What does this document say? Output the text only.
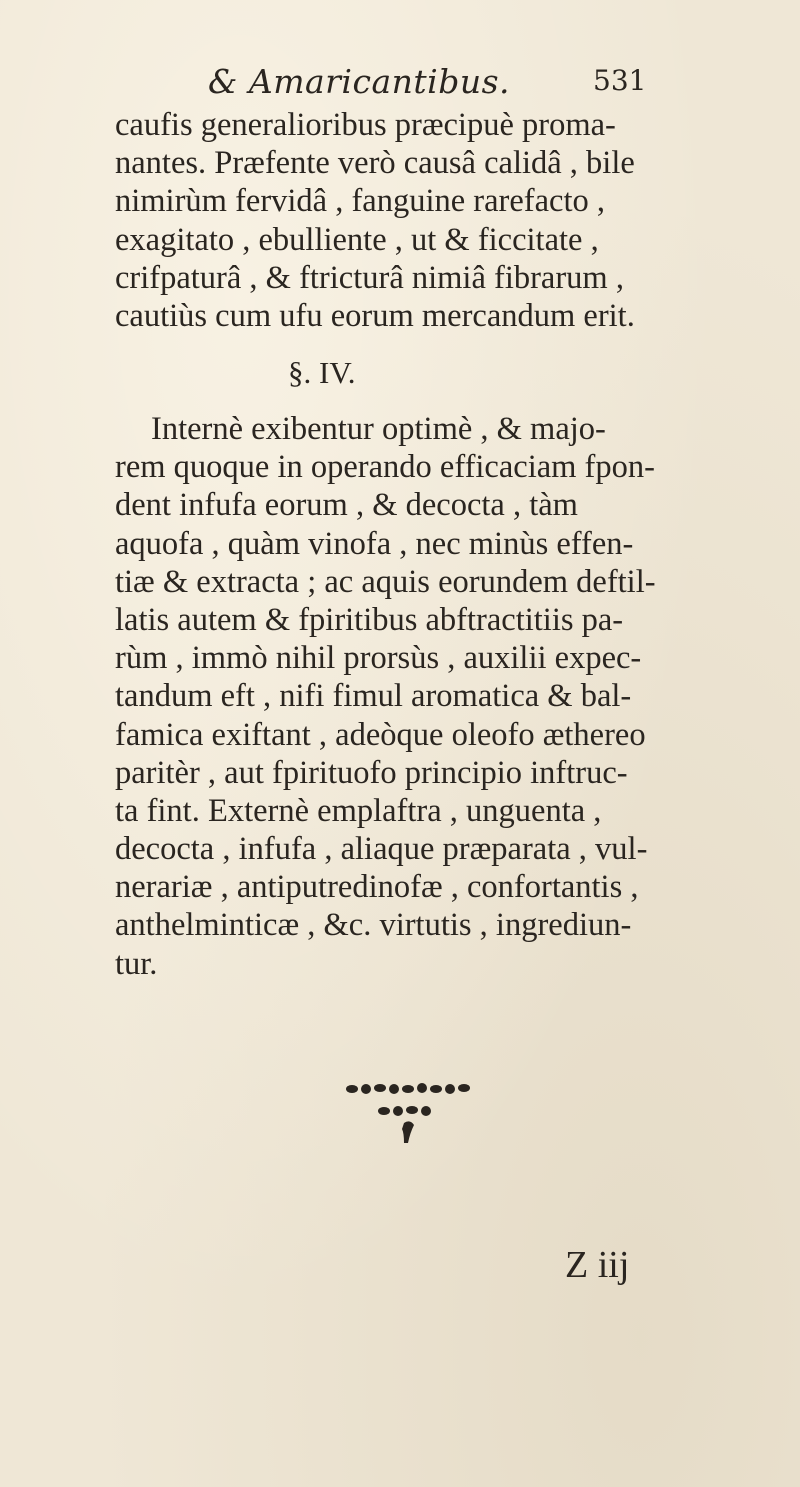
& Amaricantibus.	531
caufis generalioribus præcipuè proma-
nantes. Præfente verò causâ calidâ , bile
nimirùm fervidâ , fanguine rarefacto ,
exagitato , ebulliente , ut & ficcitate ,
crifpaturâ , & ftricturâ nimiâ fibrarum ,
cautiùs cum ufu eorum mercandum erit.
§. IV.
Internè exibentur optimè , & majo-
rem quoque in operando efficaciam fpon-
dent infufa eorum , & decocta , tàm
aquofa , quàm vinofa , nec minùs effen-
tiæ & extracta ; ac aquis eorundem deftil-
latis autem & fpiritibus abftractitiis pa-
rùm , immò nihil prorsùs , auxilii expec-
tandum eft , nifi fimul aromatica & bal-
famica exiftant , adeòque oleofo æthereo
paritèr , aut fpirituofo principio inftruc-
ta fint. Externè emplaftra , unguenta ,
decocta , infufa , aliaque præparata , vul-
nerariæ , antiputredinofæ , confortantis ,
anthelminticæ , &c. virtutis , ingrediun-
tur.
Z iij
